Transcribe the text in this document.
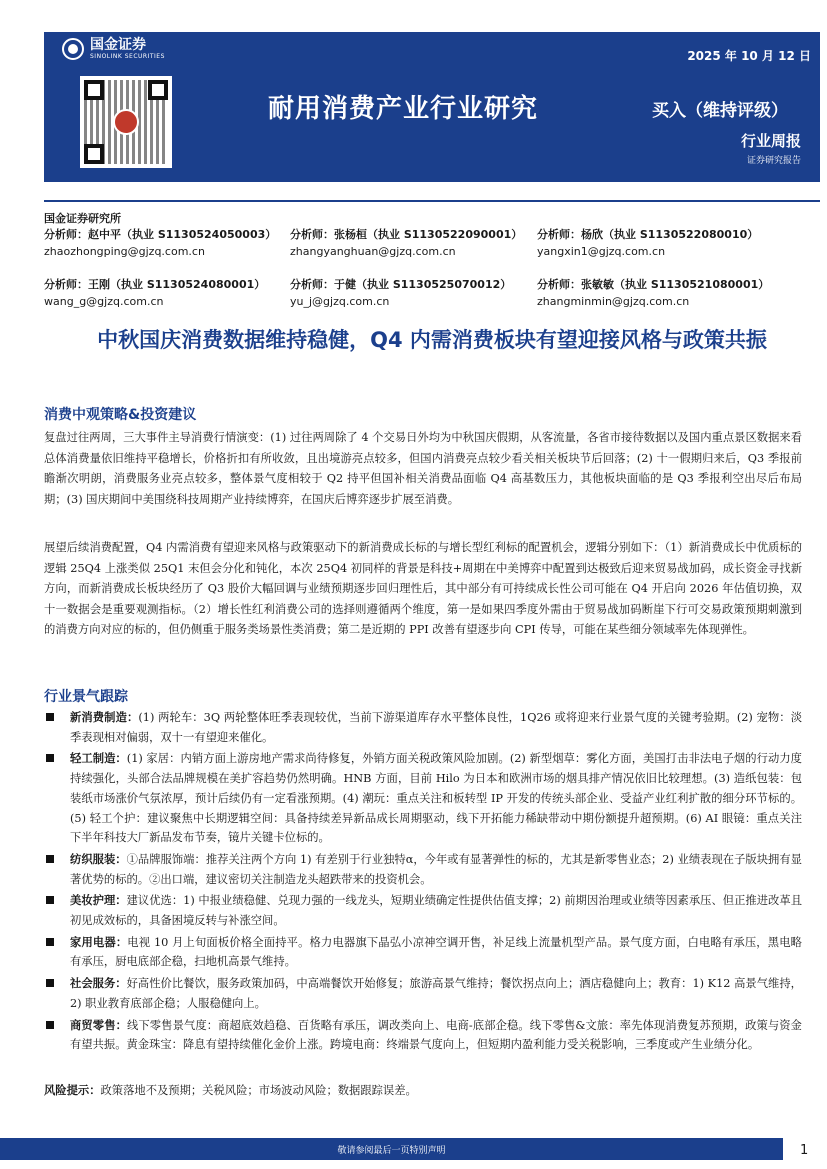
国金证券
SINOLINK SECURITIES	2025 年 10 月 12 日
耐用消费产业行业研究	买入（维持评级）
行业周报
证券研究报告
国金证券研究所
分析师：赵中平（执业 S1130524050003）
zhaozhongping@gjzq.com.cn
分析师：张杨桓（执业 S1130522090001）
zhangyanghuan@gjzq.com.cn
分析师：杨欣（执业 S1130522080010）
yangxin1@gjzq.com.cn
分析师：王刚（执业 S1130524080001）
wang_g@gjzq.com.cn
分析师：于健（执业 S1130525070012）
yu_j@gjzq.com.cn
分析师：张敏敏（执业 S1130521080001）
zhangminmin@gjzq.com.cn
中秋国庆消费数据维持稳健，Q4 内需消费板块有望迎接风格与政策共振
消费中观策略&投资建议
复盘过往两周，三大事件主导消费行情演变：(1) 过往两周除了 4 个交易日外均为中秋国庆假期，从客流量，各省市接待数据以及国内重点景区数据来看总体消费量依旧维持平稳增长，价格折扣有所收敛，且出境游亮点较多，但国内消费亮点较少看关相关板块节后回落；(2) 十一假期归来后，Q3 季报前瞻渐次明朗，消费服务业亮点较多，整体景气度相较于 Q2 持平但国补相关消费品面临 Q4 高基数压力，其他板块面临的是 Q3 季报利空出尽后布局期；(3) 国庆期间中美围绕科技周期产业持续博弈，在国庆后博弈逐步扩展至消费。
展望后续消费配置，Q4 内需消费有望迎来风格与政策驱动下的新消费成长标的与增长型红利标的配置机会，逻辑分别如下：（1）新消费成长中优质标的逻辑 25Q4 上涨类似 25Q1 末但会分化和钝化，本次 25Q4 初同样的背景是科技+周期在中美博弈中配置到达极致后迎来贸易战加码，成长资金寻找新方向，而新消费成长板块经历了 Q3 股价大幅回调与业绩预期逐步回归理性后，其中部分有可持续成长性公司可能在 Q4 开启向 2026 年估值切换，双十一数据会是重要观测指标。（2）增长性红利消费公司的选择则遵循两个维度，第一是如果四季度外需由于贸易战加码断崖下行可交易政策预期刺激到的消费方向对应的标的，但仍侧重于服务类场景性类消费；第二是近期的 PPI 改善有望逐步向 CPI 传导，可能在某些细分领域率先体现弹性。
行业景气跟踪
新消费制造：(1) 两轮车：3Q 两轮整体旺季表现较优，当前下游渠道库存水平整体良性，1Q26 或将迎来行业景气度的关键考验期。(2) 宠物：淡季表现相对偏弱，双十一有望迎来催化。
轻工制造：(1) 家居：内销方面上游房地产需求尚待修复，外销方面关税政策风险加剧。(2) 新型烟草：雾化方面，美国打击非法电子烟的行动力度持续强化，头部合法品牌规模在美扩容趋势仍然明确。HNB 方面，目前 Hilo 为日本和欧洲市场的烟具排产情况依旧比较理想。(3) 造纸包装：包装纸市场涨价气氛浓厚，预计后续仍有一定看涨预期。(4) 潮玩：重点关注和板转型 IP 开发的传统头部企业、受益产业红利扩散的细分环节标的。(5) 轻工个护：建议聚焦中长期逻辑空间：具备持续差异新品成长周期驱动，线下开拓能力稀缺带动中期份额提升超预期。(6) AI 眼镜：重点关注下半年科技大厂新品发布节奏，镜片关键卡位标的。
纺织服装：①品牌服饰端：推荐关注两个方向 1) 有差别于行业独特α，今年或有显著弹性的标的，尤其是新零售业态；2) 业绩表现在子版块拥有显著优势的标的。②出口端，建议密切关注制造龙头超跌带来的投资机会。
美妆护理：建议优选：1) 中报业绩稳健、兑现力强的一线龙头，短期业绩确定性提供估值支撑；2) 前期因治理或业绩等因素承压、但正推进改革且初见成效标的，具备困境反转与补涨空间。
家用电器：电视 10 月上旬面板价格全面持平。格力电器旗下晶弘小凉神空调开售，补足线上流量机型产品。景气度方面，白电略有承压，黑电略有承压，厨电底部企稳，扫地机高景气维持。
社会服务：好高性价比餐饮，服务政策加码，中高端餐饮开始修复；旅游高景气维持；餐饮拐点向上；酒店稳健向上；教育：1) K12 高景气维持，2) 职业教育底部企稳；人服稳健向上。
商贸零售：线下零售景气度：商超底效趋稳、百货略有承压，调改类向上、电商-底部企稳。线下零售&文旅：率先体现消费复苏预期，政策与资金有望共振。黄金珠宝：降息有望持续催化金价上涨。跨境电商：终端景气度向上，但短期内盈利能力受关税影响，三季度或产生业绩分化。
风险提示：政策落地不及预期；关税风险；市场波动风险；数据跟踪误差。
敬请参阅最后一页特别声明	1
